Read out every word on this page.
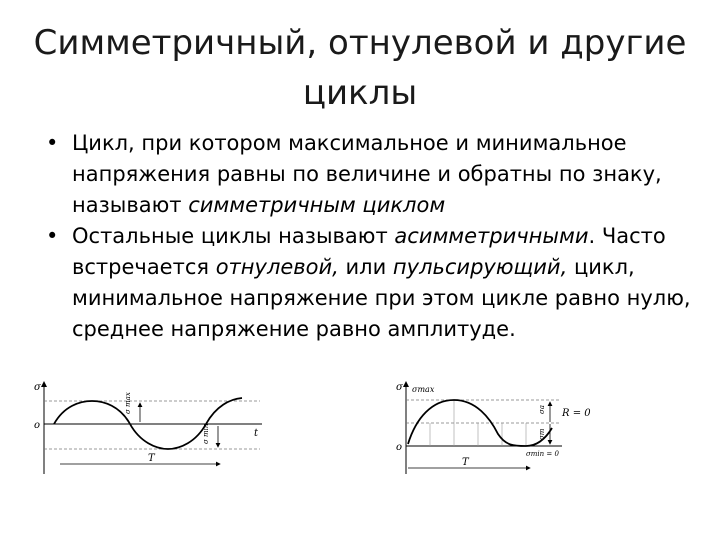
Симметричный, отнулевой и другие
циклы
• Цикл, при котором максимальное и минимальное напряжения равны по величине и обратны по знаку, называют симметричным циклом
• Остальные циклы называют асимметричными. Часто встречается отнулевой, или пульсирующий, цикл, минимальное напряжение при этом цикле равно нулю, среднее напряжение равно амплитуде.
σ
o
t
T
σ max
σ min
σ
o
σmax
σmin = 0
R = 0
σa
σm
T
